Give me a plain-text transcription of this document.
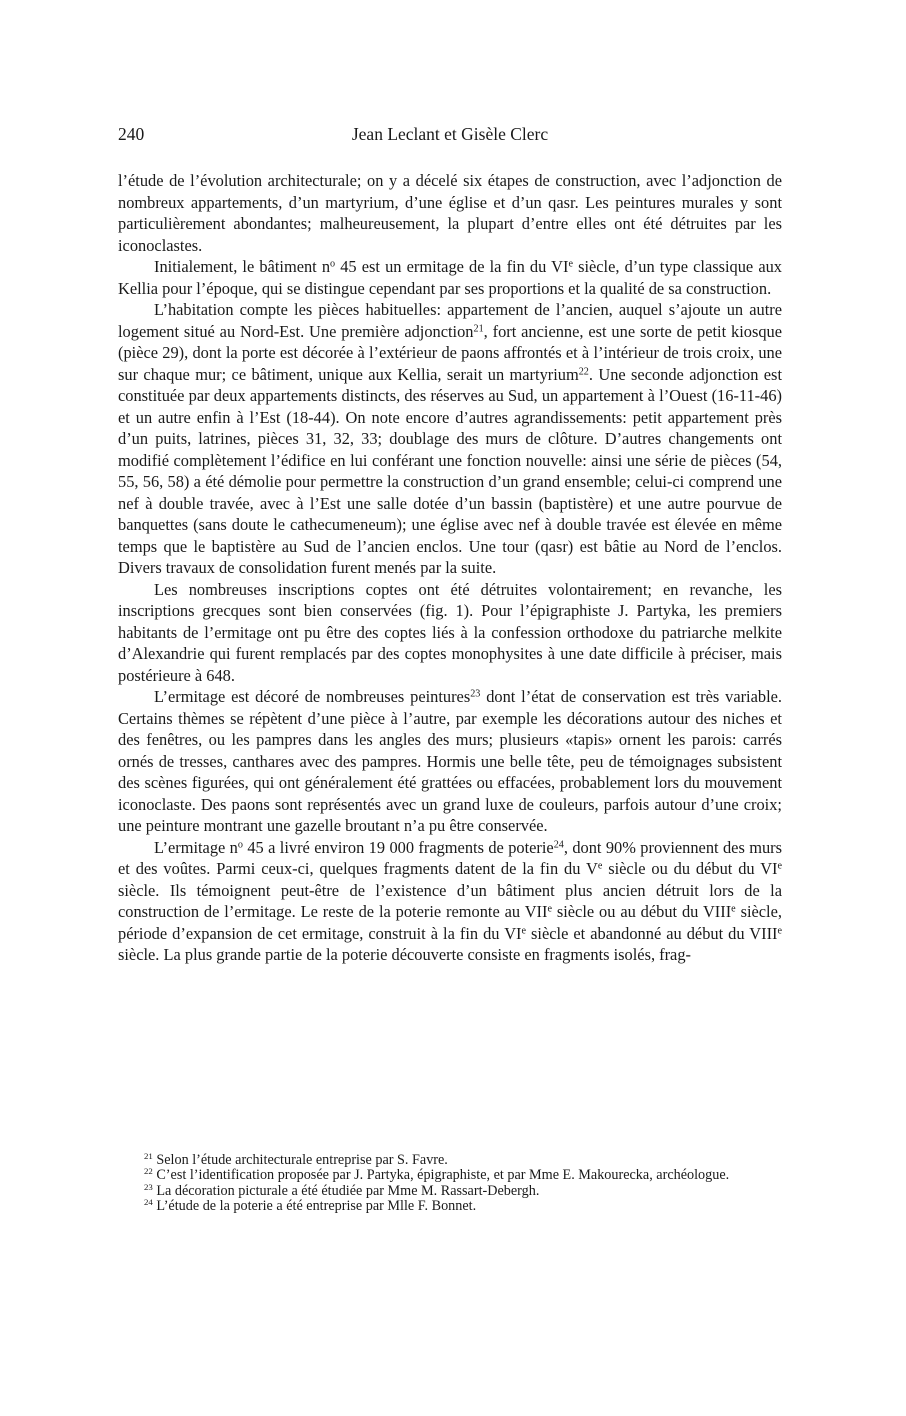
240	Jean Leclant et Gisèle Clerc

l’étude de l’évolution architecturale; on y a décelé six étapes de construction, avec l’adjonction de nombreux appartements, d’un martyrium, d’une église et d’un qasr. Les peintures murales y sont particulièrement abondantes; malheureusement, la plupart d’entre elles ont été détruites par les iconoclastes.

Initialement, le bâtiment $n^o$ 45 est un ermitage de la fin du VIe siècle, d’un type classique aux Kellia pour l’époque, qui se distingue cependant par ses proportions et la qualité de sa construction.

L’habitation compte les pièces habituelles: appartement de l’ancien, auquel s’ajoute un autre logement situé au Nord-Est. Une première adjonction$^{21}$, fort ancienne, est une sorte de petit kiosque (pièce 29), dont la porte est décorée à l’extérieur de paons affrontés et à l’intérieur de trois croix, une sur chaque mur; ce bâtiment, unique aux Kellia, serait un martyrium$^{22}$. Une seconde adjonction est constituée par deux appartements distincts, des réserves au Sud, un appartement à l’Ouest (16-11-46) et un autre enfin à l’Est (18-44). On note encore d’autres agrandissements: petit appartement près d’un puits, latrines, pièces 31, 32, 33; doublage des murs de clôture. D’autres changements ont modifié complètement l’édifice en lui conférant une fonction nouvelle: ainsi une série de pièces (54, 55, 56, 58) a été démolie pour permettre la construction d’un grand ensemble; celui-ci comprend une nef à double travée, avec à l’Est une salle dotée d’un bassin (baptistère) et une autre pourvue de banquettes (sans doute le cathecumeneum); une église avec nef à double travée est élevée en même temps que le baptistère au Sud de l’ancien enclos. Une tour (qasr) est bâtie au Nord de l’enclos. Divers travaux de consolidation furent menés par la suite.

Les nombreuses inscriptions coptes ont été détruites volontairement; en revanche, les inscriptions grecques sont bien conservées (fig. 1). Pour l’épigraphiste J. Partyka, les premiers habitants de l’ermitage ont pu être des coptes liés à la confession orthodoxe du patriarche melkite d’Alexandrie qui furent remplacés par des coptes monophysites à une date difficile à préciser, mais postérieure à 648.

L’ermitage est décoré de nombreuses peintures$^{23}$ dont l’état de conservation est très variable. Certains thèmes se répètent d’une pièce à l’autre, par exemple les décorations autour des niches et des fenêtres, ou les pampres dans les angles des murs; plusieurs «tapis» ornent les parois: carrés ornés de tresses, canthares avec des pampres. Hormis une belle tête, peu de témoignages subsistent des scènes figurées, qui ont généralement été grattées ou effacées, probablement lors du mouvement iconoclaste. Des paons sont représentés avec un grand luxe de couleurs, parfois autour d’une croix; une peinture montrant une gazelle broutant n’a pu être conservée.

L’ermitage $n^o$ 45 a livré environ 19 000 fragments de poterie$^{24}$, dont 90% proviennent des murs et des voûtes. Parmi ceux-ci, quelques fragments datent de la fin du Ve siècle ou du début du VIe siècle. Ils témoignent peut-être de l’existence d’un bâtiment plus ancien détruit lors de la construction de l’ermitage. Le reste de la poterie remonte au VIIe siècle ou au début du VIIIe siècle, période d’expansion de cet ermitage, construit à la fin du VIe siècle et abandonné au début du VIIIe siècle. La plus grande partie de la poterie découverte consiste en fragments isolés, frag-

$^{21}$ Selon l’étude architecturale entreprise par S. Favre.

$^{22}$ C’est l’identification proposée par J. Partyka, épigraphiste, et par Mme E. Makourecka, archéologue.

$^{23}$ La décoration picturale a été étudiée par Mme M. Rassart-Debergh.

$^{24}$ L’étude de la poterie a été entreprise par Mlle F. Bonnet.
